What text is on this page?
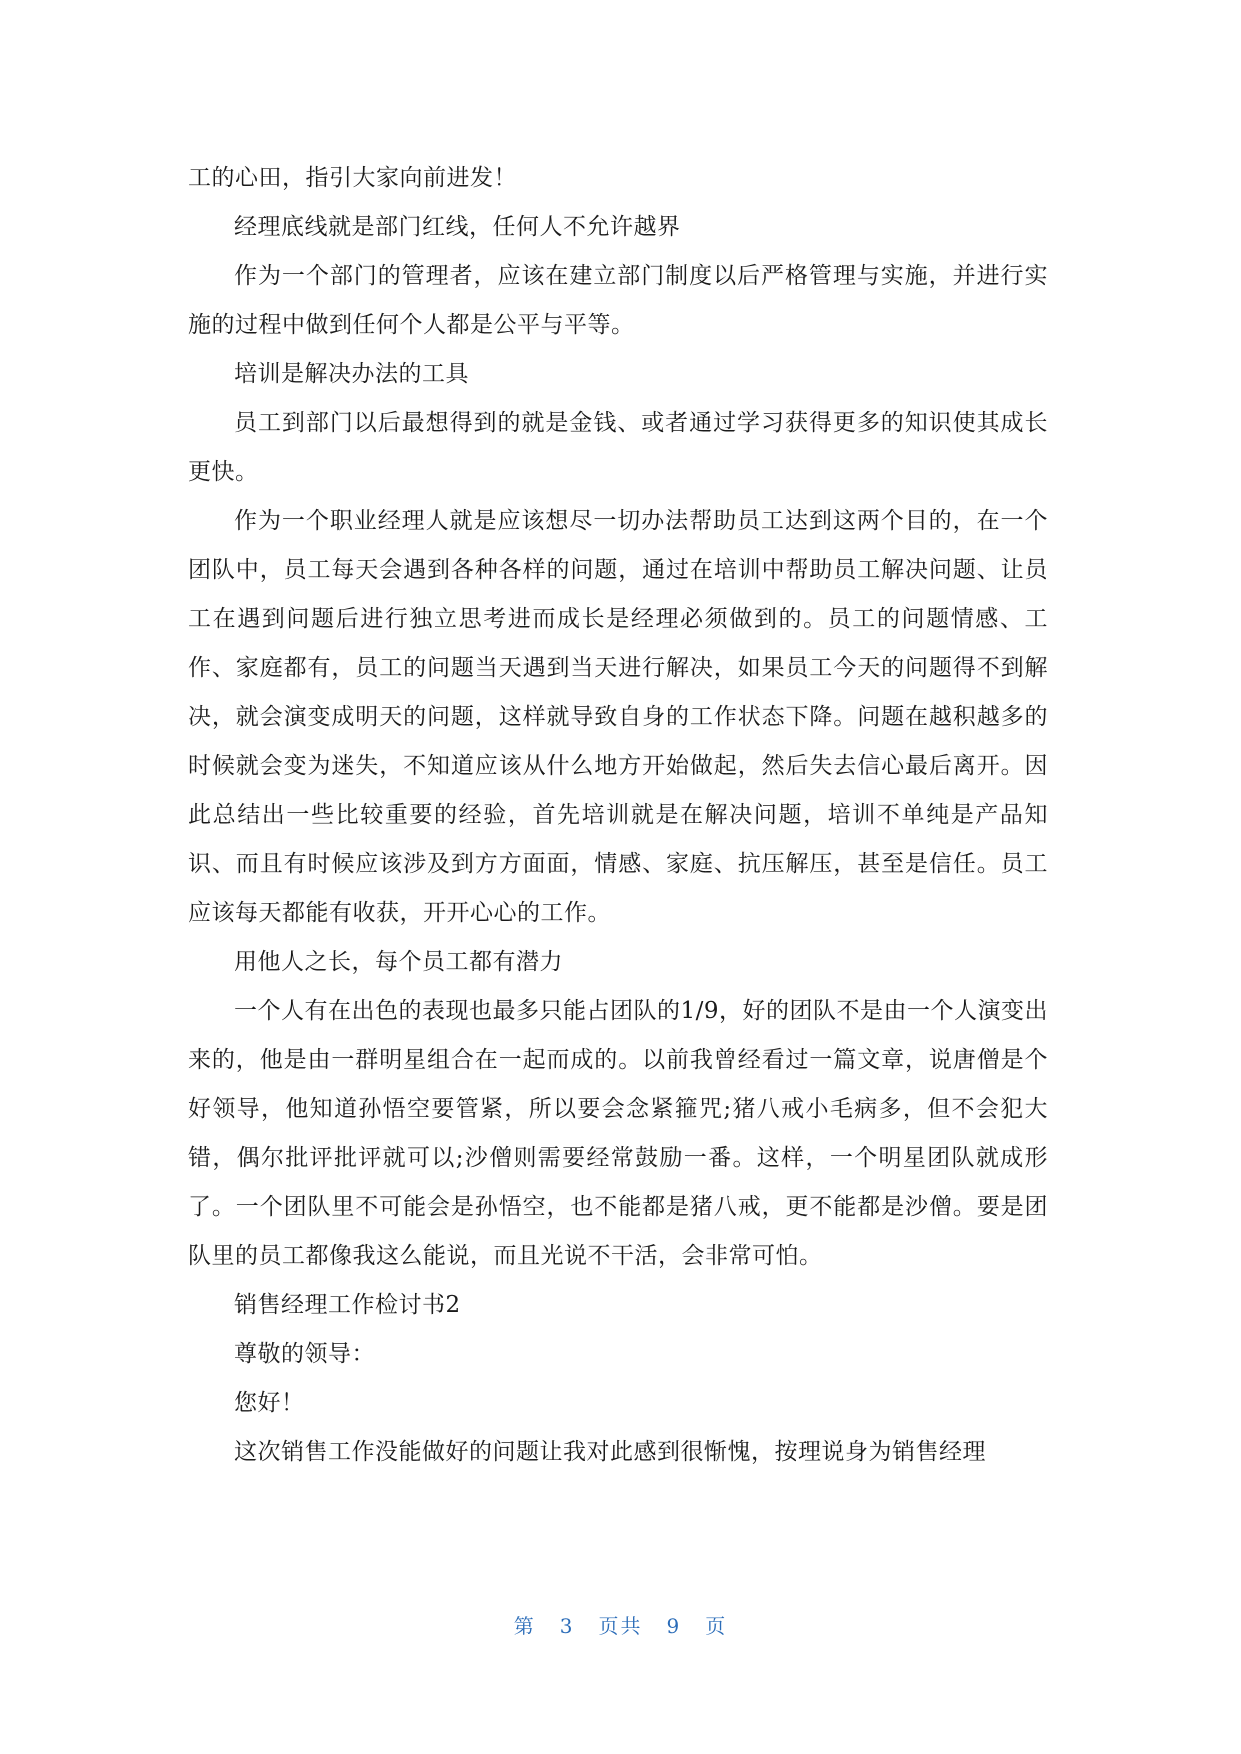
工的心田，指引大家向前进发！

经理底线就是部门红线，任何人不允许越界

作为一个部门的管理者，应该在建立部门制度以后严格管理与实施，并进行实施的过程中做到任何个人都是公平与平等。

培训是解决办法的工具

员工到部门以后最想得到的就是金钱、或者通过学习获得更多的知识使其成长更快。

作为一个职业经理人就是应该想尽一切办法帮助员工达到这两个目的，在一个团队中，员工每天会遇到各种各样的问题，通过在培训中帮助员工解决问题、让员工在遇到问题后进行独立思考进而成长是经理必须做到的。员工的问题情感、工作、家庭都有，员工的问题当天遇到当天进行解决，如果员工今天的问题得不到解决，就会演变成明天的问题，这样就导致自身的工作状态下降。问题在越积越多的时候就会变为迷失，不知道应该从什么地方开始做起，然后失去信心最后离开。因此总结出一些比较重要的经验，首先培训就是在解决问题，培训不单纯是产品知识、而且有时候应该涉及到方方面面，情感、家庭、抗压解压，甚至是信任。员工应该每天都能有收获，开开心心的工作。

用他人之长，每个员工都有潜力

一个人有在出色的表现也最多只能占团队的1/9，好的团队不是由一个人演变出来的，他是由一群明星组合在一起而成的。以前我曾经看过一篇文章，说唐僧是个好领导，他知道孙悟空要管紧，所以要会念紧箍咒;猪八戒小毛病多，但不会犯大错，偶尔批评批评就可以;沙僧则需要经常鼓励一番。这样，一个明星团队就成形了。一个团队里不可能会是孙悟空，也不能都是猪八戒，更不能都是沙僧。要是团队里的员工都像我这么能说，而且光说不干活，会非常可怕。

销售经理工作检讨书2

尊敬的领导：

您好！

这次销售工作没能做好的问题让我对此感到很惭愧，按理说身为销售经理

第 3 页共 9 页
